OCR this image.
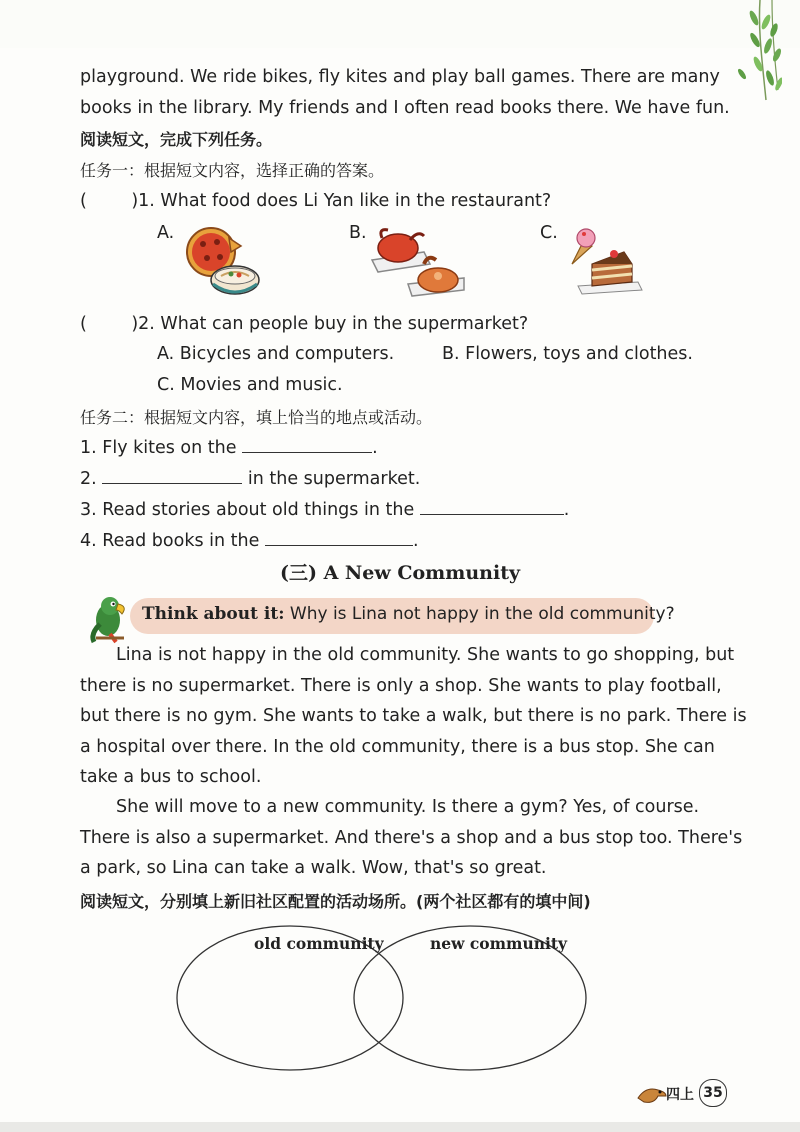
playground. We ride bikes, fly kites and play ball games. There are many
books in the library. My friends and I often read books there. We have fun.
阅读短文，完成下列任务。
任务一：根据短文内容，选择正确的答案。
(        )1. What food does Li Yan like in the restaurant?
A.	B.	C.
(        )2. What can people buy in the supermarket?
A. Bicycles and computers.	B. Flowers, toys and clothes.
C. Movies and music.
任务二：根据短文内容，填上恰当的地点或活动。
1. Fly kites on the	.
2.	in the supermarket.
3. Read stories about old things in the	.
4. Read books in the	.
(三) A New Community
Think about it: Why is Lina not happy in the old community?
Lina is not happy in the old community. She wants to go shopping, but
there is no supermarket. There is only a shop. She wants to play football,
but there is no gym. She wants to take a walk, but there is no park. There is
a hospital over there. In the old community, there is a bus stop. She can
take a bus to school.
She will move to a new community. Is there a gym? Yes, of course.
There is also a supermarket. And there's a shop and a bus stop too. There's
a park, so Lina can take a walk. Wow, that's so great.
阅读短文，分别填上新旧社区配置的活动场所。(两个社区都有的填中间)
old community	new community
四上 35
